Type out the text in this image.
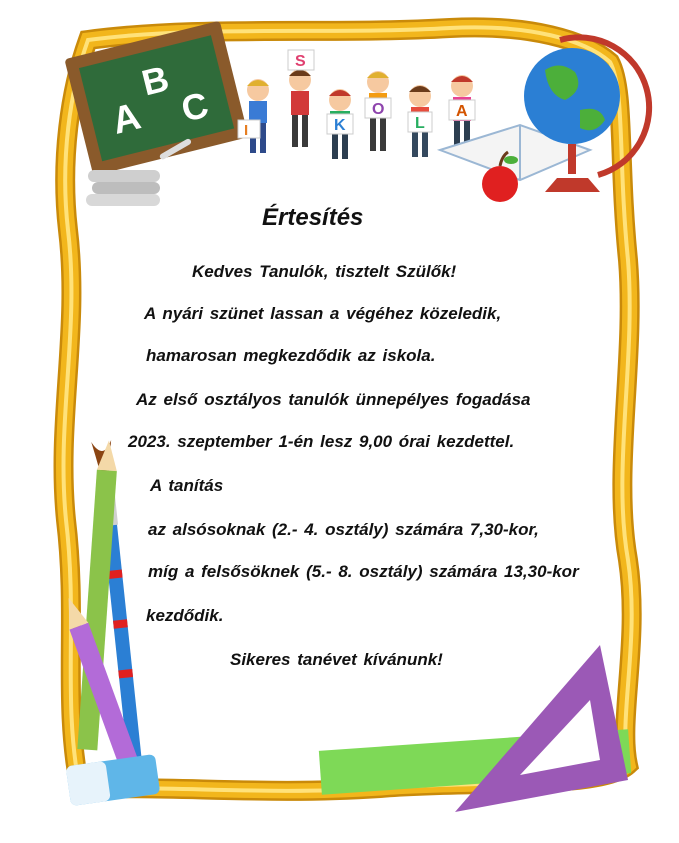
A
B
C
S
K
O
L
A
I
Értesítés
Kedves Tanulók, tisztelt Szülők!
A nyári szünet lassan a végéhez közeledik,
hamarosan megkezdődik az iskola.
Az első osztályos tanulók ünnepélyes fogadása
2023. szeptember 1-én lesz 9,00 órai kezdettel.
A tanítás
az alsósoknak (2.- 4. osztály) számára 7,30-kor,
míg a felsősöknek (5.- 8. osztály) számára 13,30-kor
kezdődik.
Sikeres tanévet kívánunk!
